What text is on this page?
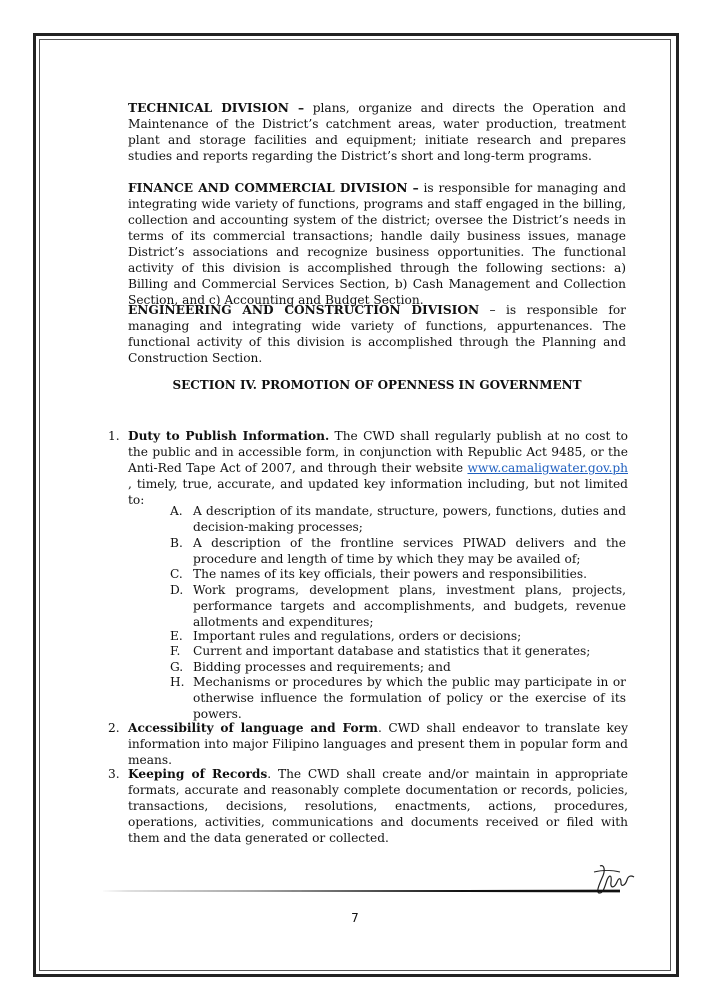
TECHNICAL DIVISION – plans, organize and directs the Operation and Maintenance of the District’s catchment areas, water production, treatment plant and storage facilities and equipment; initiate research and prepares studies and reports regarding the District’s short and long-term programs.
FINANCE AND COMMERCIAL DIVISION – is responsible for managing and integrating wide variety of functions, programs and staff engaged in the billing, collection and accounting system of the district; oversee the District’s needs in terms of its commercial transactions; handle daily business issues, manage District’s associations and recognize business opportunities. The functional activity of this division is accomplished through the following sections: a) Billing and Commercial Services Section, b) Cash Management and Collection Section, and c) Accounting and Budget Section.
ENGINEERING AND CONSTRUCTION DIVISION – is responsible for managing and integrating wide variety of functions, appurtenances. The functional activity of this division is accomplished through the Planning and Construction Section.
SECTION IV. PROMOTION OF OPENNESS IN GOVERNMENT
1. Duty to Publish Information. The CWD shall regularly publish at no cost to the public and in accessible form, in conjunction with Republic Act 9485, or the Anti-Red Tape Act of 2007, and through their website www.camaligwater.gov.ph , timely, true, accurate, and updated key information including, but not limited to:
A. A description of its mandate, structure, powers, functions, duties and decision-making processes;
B. A description of the frontline services PIWAD delivers and the procedure and length of time by which they may be availed of;
C. The names of its key officials, their powers and responsibilities.
D. Work programs, development plans, investment plans, projects, performance targets and accomplishments, and budgets, revenue allotments and expenditures;
E. Important rules and regulations, orders or decisions;
F.	Current and important database and statistics that it generates;
G. Bidding processes and requirements; and
H. Mechanisms or procedures by which the public may participate in or otherwise influence the formulation of policy or the exercise of its powers.
2. Accessibility of language and Form. CWD shall endeavor to translate key information into major Filipino languages and present them in popular form and means.
3. Keeping of Records. The CWD shall create and/or maintain in appropriate formats, accurate and reasonably complete documentation or records, policies, transactions, decisions, resolutions, enactments, actions, procedures, operations, activities, communications and documents received or filed with them and the data generated or collected.
7
